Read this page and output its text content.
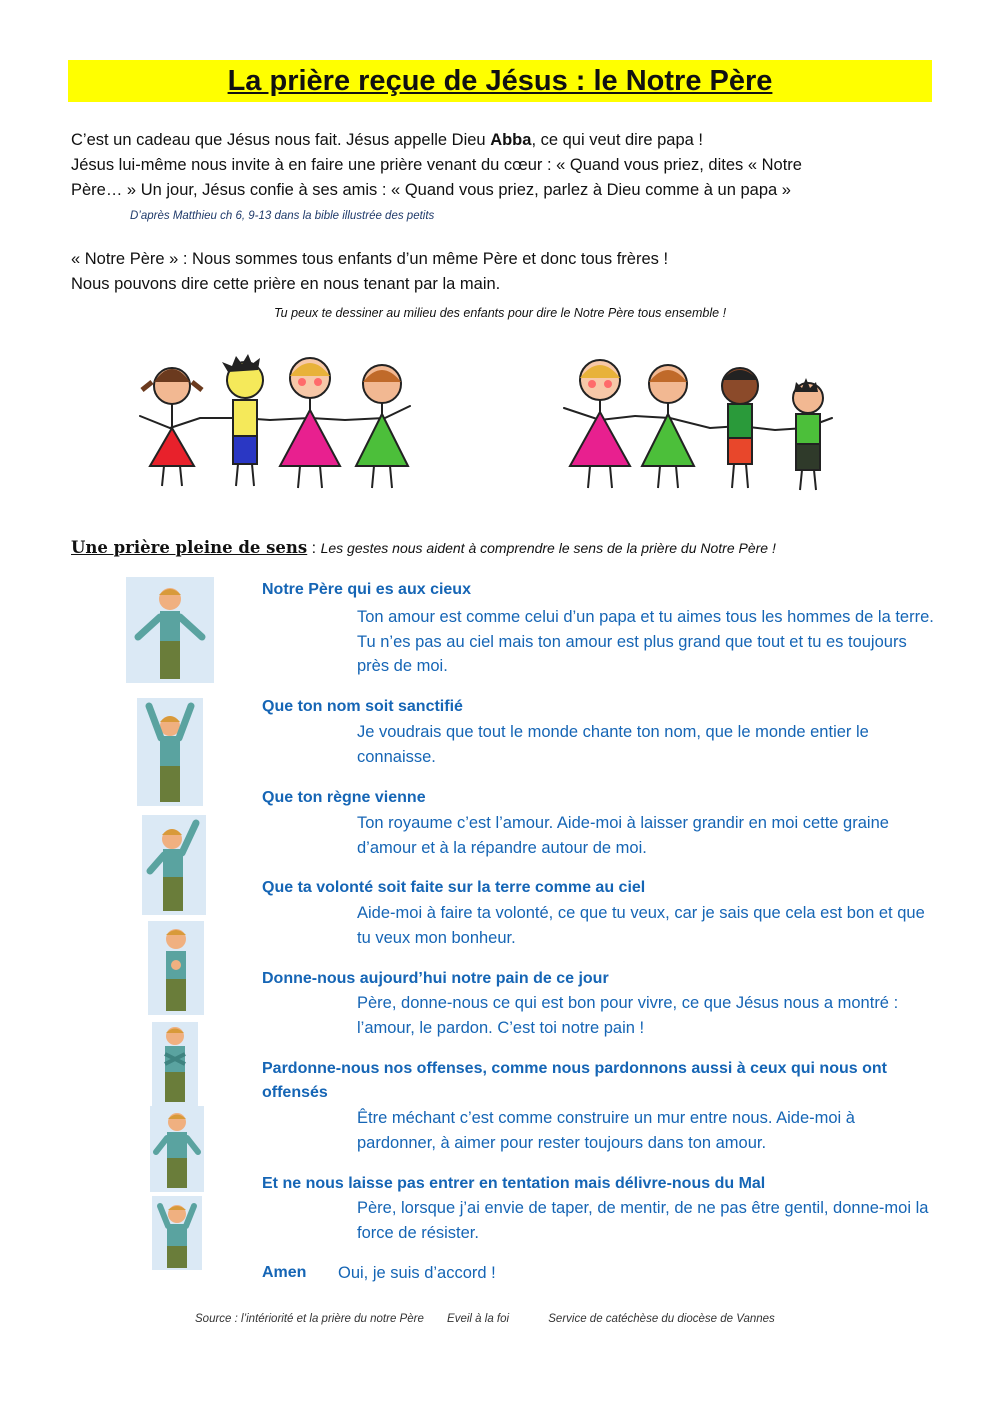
La prière reçue de Jésus : le Notre Père

C’est un cadeau que Jésus nous fait. Jésus appelle Dieu Abba, ce qui veut dire papa !

Jésus lui-même nous invite à en faire une prière venant du cœur : « Quand vous priez, dites « Notre

Père… » Un jour, Jésus confie à ses amis : « Quand vous priez, parlez à Dieu comme à un papa »

D’après Matthieu ch 6, 9-13 dans la bible illustrée des petits

« Notre Père » : Nous sommes tous enfants d’un même Père et donc tous frères !

Nous pouvons dire cette prière en nous tenant par la main.

Tu peux te dessiner au milieu des enfants pour dire le Notre Père tous ensemble !
Une prière pleine de sens : Les gestes nous aident à comprendre le sens de la prière du Notre Père !
Notre Père qui es aux cieux
Ton amour est comme celui d’un papa et tu aimes tous les hommes de la terre. Tu n’es pas au ciel mais ton amour est plus grand que tout et tu es toujours près de moi.
Que ton nom soit sanctifié
Je voudrais que tout le monde chante ton nom, que le monde entier le connaisse.
Que ton règne vienne
Ton royaume c’est l’amour. Aide-moi à laisser grandir en moi cette graine d’amour et à la répandre autour de moi.
Que ta volonté soit faite sur la terre comme au ciel
Aide-moi à faire ta volonté, ce que tu veux, car je sais que cela est bon et que tu veux mon bonheur.
Donne-nous aujourd’hui notre pain de ce jour
Père, donne-nous ce qui est bon pour vivre, ce que Jésus nous a montré : l’amour, le pardon. C’est toi notre pain !
Pardonne-nous nos offenses, comme nous pardonnons aussi à ceux qui nous ont offensés
Être méchant c’est comme construire un mur entre nous. Aide-moi à pardonner, à aimer pour rester toujours dans ton amour.
Et ne nous laisse pas entrer en tentation mais délivre-nous du Mal
Père, lorsque j’ai envie de taper, de mentir, de ne pas être gentil, donne-moi la force de résister.
Amen Oui, je suis d’accord !
Source : l’intériorité et la prière du notre Père Eveil à la foi	Service de catéchèse du diocèse de Vannes
